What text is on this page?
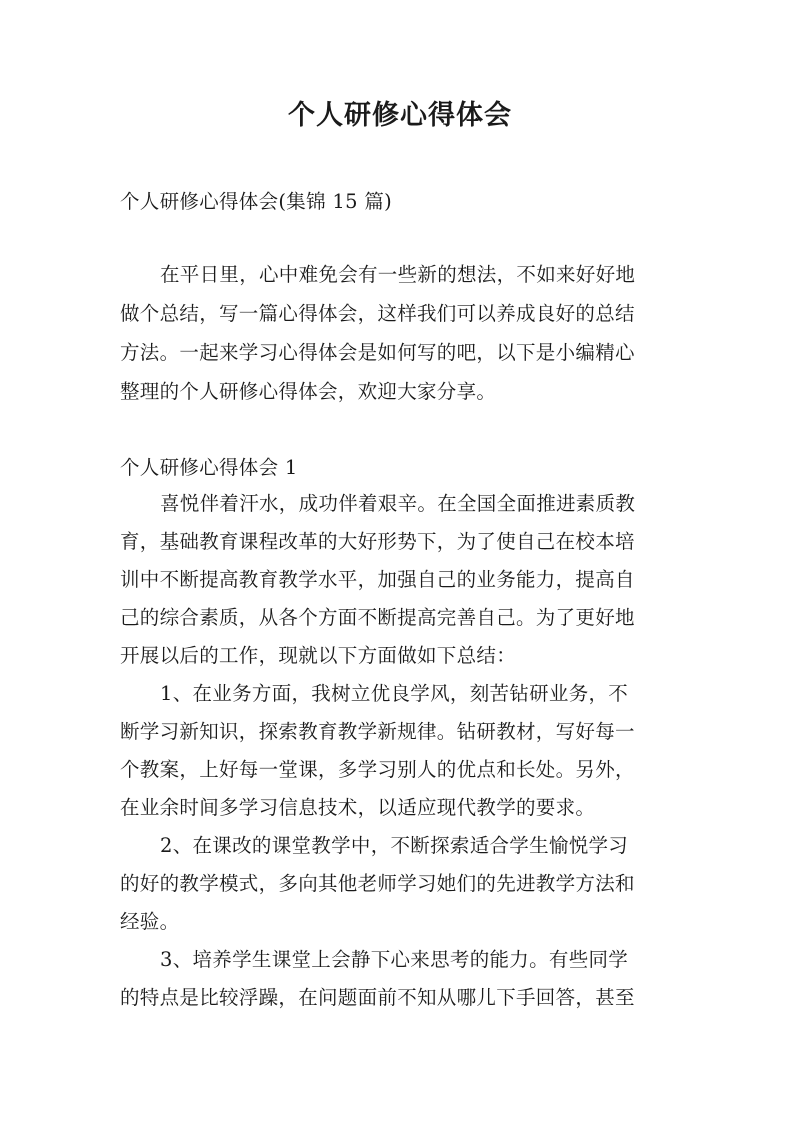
个人研修心得体会
个人研修心得体会(集锦 15 篇)
在平日里，心中难免会有一些新的想法，不如来好好地
做个总结，写一篇心得体会，这样我们可以养成良好的总结
方法。一起来学习心得体会是如何写的吧，以下是小编精心
整理的个人研修心得体会，欢迎大家分享。
个人研修心得体会 1
喜悦伴着汗水，成功伴着艰辛。在全国全面推进素质教
育，基础教育课程改革的大好形势下，为了使自己在校本培
训中不断提高教育教学水平，加强自己的业务能力，提高自
己的综合素质，从各个方面不断提高完善自己。为了更好地
开展以后的工作，现就以下方面做如下总结：
1、在业务方面，我树立优良学风，刻苦钻研业务，不
断学习新知识，探索教育教学新规律。钻研教材，写好每一
个教案，上好每一堂课，多学习别人的优点和长处。另外，
在业余时间多学习信息技术，以适应现代教学的要求。
2、在课改的课堂教学中，不断探索适合学生愉悦学习
的好的教学模式，多向其他老师学习她们的先进教学方法和
经验。
3、培养学生课堂上会静下心来思考的能力。有些同学
的特点是比较浮躁，在问题面前不知从哪儿下手回答，甚至
